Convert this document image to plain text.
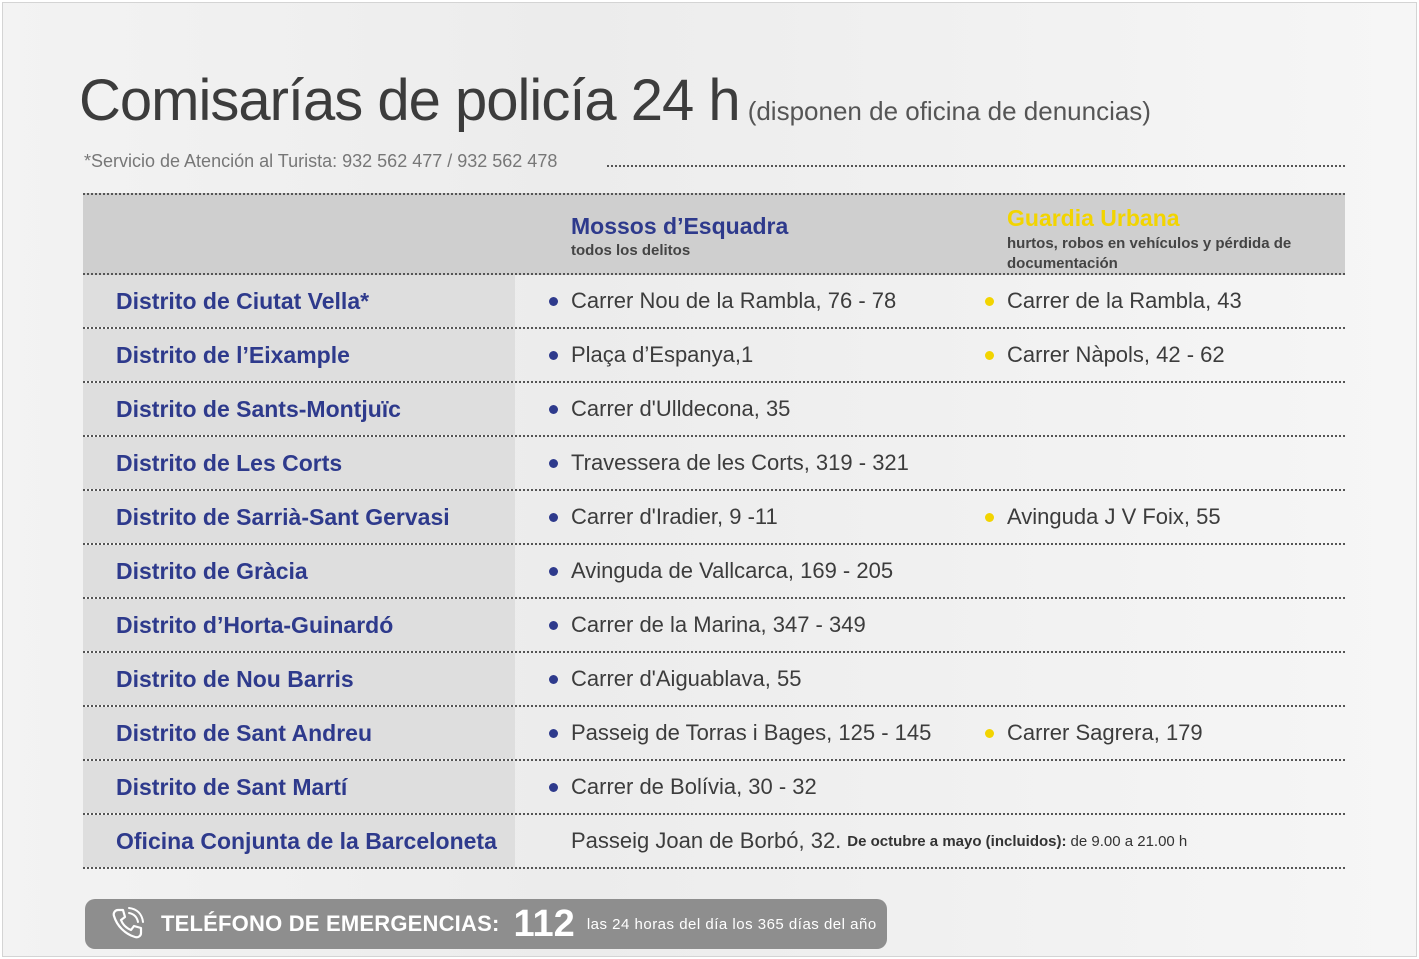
Comisarías de policía 24 h (disponen de oficina de denuncias)
*Servicio de Atención al Turista: 932 562 477 / 932 562 478
Mossos d’Esquadra
todos los delitos
Guardia Urbana
hurtos, robos en vehículos y pérdida de documentación
Distrito de Ciutat Vella*	Carrer Nou de la Rambla, 76 - 78	Carrer de la Rambla, 43
Distrito de l’Eixample	Plaça d’Espanya,1	Carrer Nàpols, 42 - 62
Distrito de Sants-Montjuïc	Carrer d'Ulldecona, 35
Distrito de Les Corts	Travessera de les Corts, 319 - 321
Distrito de Sarrià-Sant Gervasi	Carrer d'Iradier, 9 -11	Avinguda J V Foix, 55
Distrito de Gràcia	Avinguda de Vallcarca, 169 - 205
Distrito d’Horta-Guinardó	Carrer de la Marina, 347 - 349
Distrito de Nou Barris	Carrer d'Aiguablava, 55
Distrito de Sant Andreu	Passeig de Torras i Bages, 125 - 145	Carrer Sagrera, 179
Distrito de Sant Martí	Carrer de Bolívia, 30 - 32
Oficina Conjunta de la Barceloneta	Passeig Joan de Borbó, 32. De octubre a mayo (incluidos): de 9.00 a 21.00 h
TELÉFONO DE EMERGENCIAS: 112 las 24 horas del día los 365 días del año
